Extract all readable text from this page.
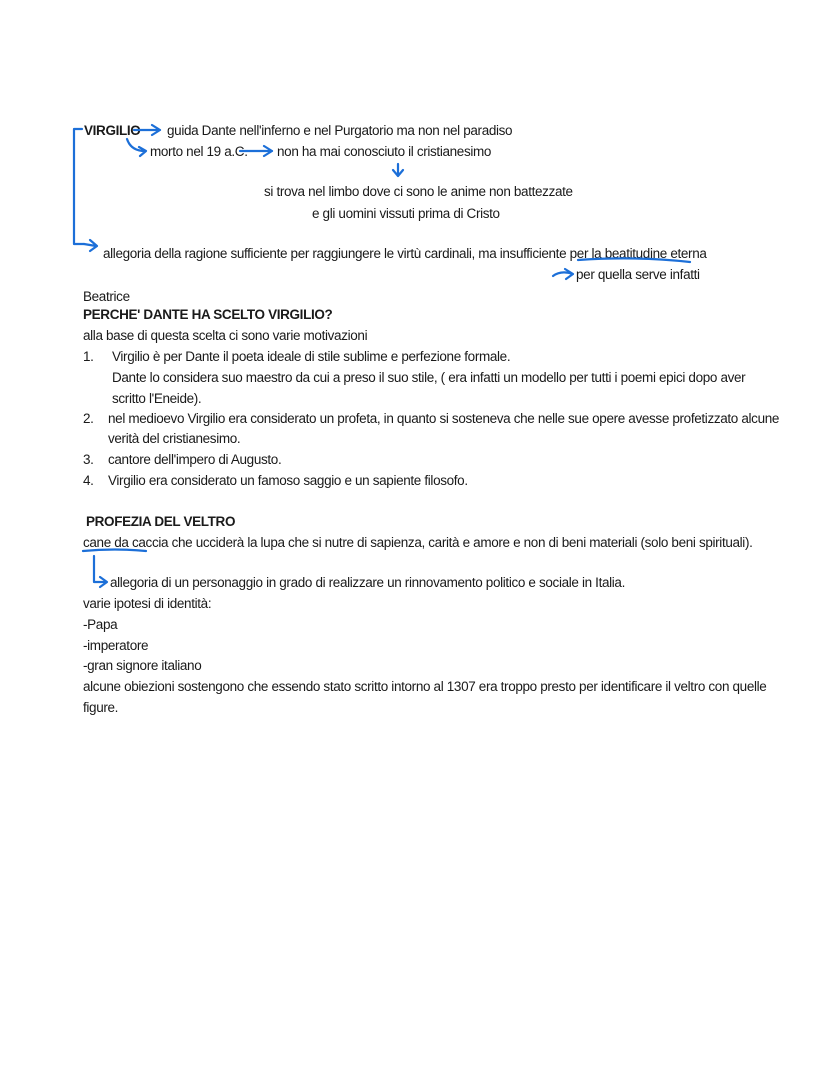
VIRGILIO guida Dante nell'inferno e nel Purgatorio ma non nel paradiso
morto nel 19 a.C. non ha mai conosciuto il cristianesimo
si trova nel limbo dove ci sono le anime non battezzate
e gli uomini vissuti prima di Cristo
allegoria della ragione sufficiente per raggiungere le virtù cardinali, ma insufficiente per la beatitudine eterna
per quella serve infatti
Beatrice
PERCHE' DANTE HA SCELTO VIRGILIO?
alla base di questa scelta ci sono varie motivazioni
1. Virgilio è per Dante il poeta ideale di stile sublime e perfezione formale.
Dante lo considera suo maestro da cui a preso il suo stile, ( era infatti un modello per tutti i poemi epici dopo aver
scritto l'Eneide).
2. nel medioevo Virgilio era considerato un profeta, in quanto si sosteneva che nelle sue opere avesse profetizzato alcune
verità del cristianesimo.
3. cantore dell'impero di Augusto.
4. Virgilio era considerato un famoso saggio e un sapiente filosofo.
PROFEZIA DEL VELTRO
cane da caccia che ucciderà la lupa che si nutre di sapienza, carità e amore e non di beni materiali (solo beni spirituali).
allegoria di un personaggio in grado di realizzare un rinnovamento politico e sociale in Italia.
varie ipotesi di identità:
-Papa
-imperatore
-gran signore italiano
alcune obiezioni sostengono che essendo stato scritto intorno al 1307 era troppo presto per identificare il veltro con quelle
figure.
